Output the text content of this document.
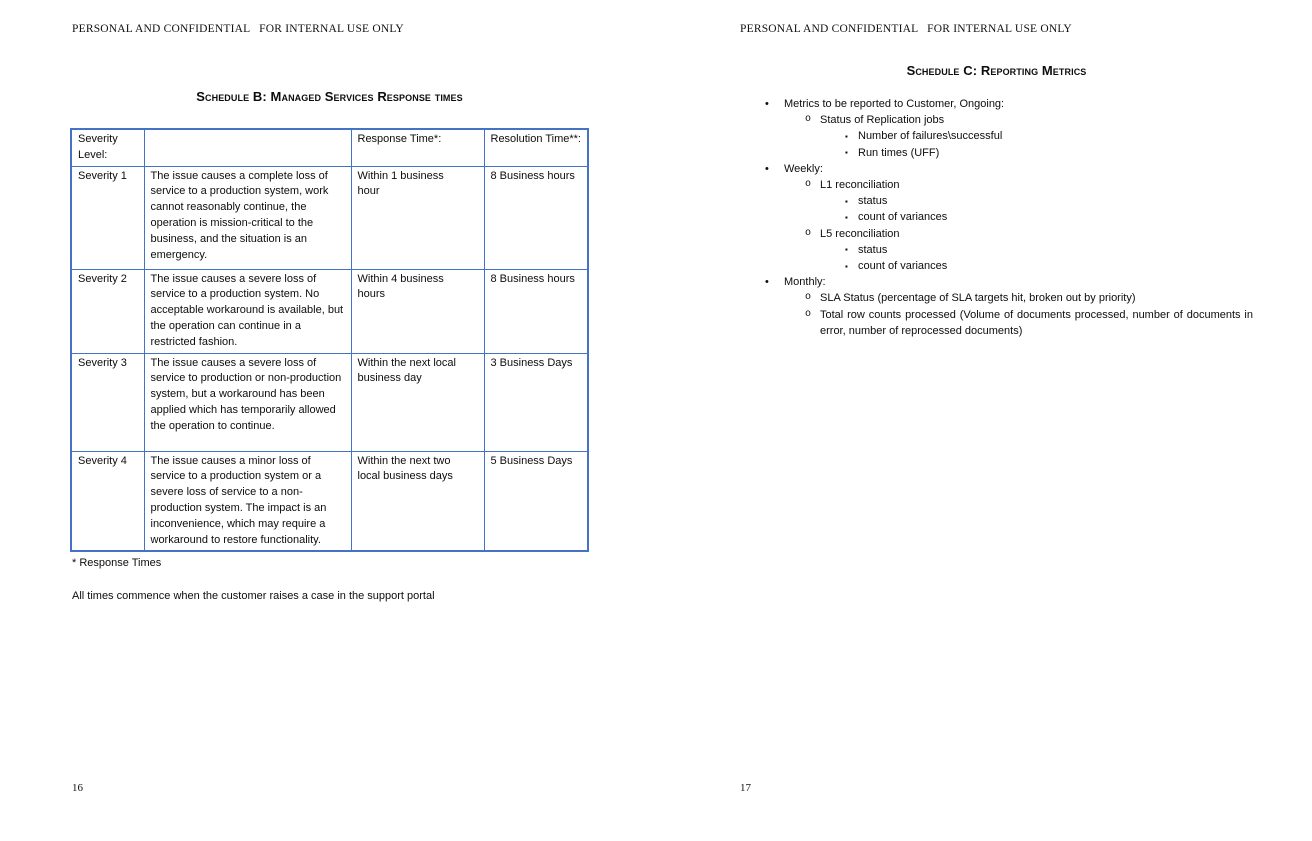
PERSONAL AND CONFIDENTIAL   FOR INTERNAL USE ONLY
Schedule B: Managed Services Response times
Severity Level:		Response Time*:	Resolution Time**:
Severity 1	The issue causes a complete loss of service to a production system, work cannot reasonably continue, the operation is mission-critical to the business, and the situation is an emergency.	Within 1 business hour	8 Business hours
Severity 2	The issue causes a severe loss of service to a production system. No acceptable workaround is available, but the operation can continue in a restricted fashion.	Within 4 business hours	8 Business hours
Severity 3	The issue causes a severe loss of service to production or non-production system, but a workaround has been applied which has temporarily allowed the operation to continue.	Within the next local business day	3 Business Days
Severity 4	The issue causes a minor loss of service to a production system or a severe loss of service to a non-production system. The impact is an inconvenience, which may require a workaround to restore functionality.	Within the next two local business days	5 Business Days
* Response Times
All times commence when the customer raises a case in the support portal
16
PERSONAL AND CONFIDENTIAL   FOR INTERNAL USE ONLY
Schedule C: Reporting Metrics
• Metrics to be reported to Customer, Ongoing:
o Status of Replication jobs
▪ Number of failures\successful
▪ Run times (UFF)
• Weekly:
o L1 reconciliation
▪ status
▪ count of variances
o L5 reconciliation
▪ status
▪ count of variances
• Monthly:
o SLA Status (percentage of SLA targets hit, broken out by priority)
o Total row counts processed (Volume of documents processed, number of documents in error, number of reprocessed documents)
17
